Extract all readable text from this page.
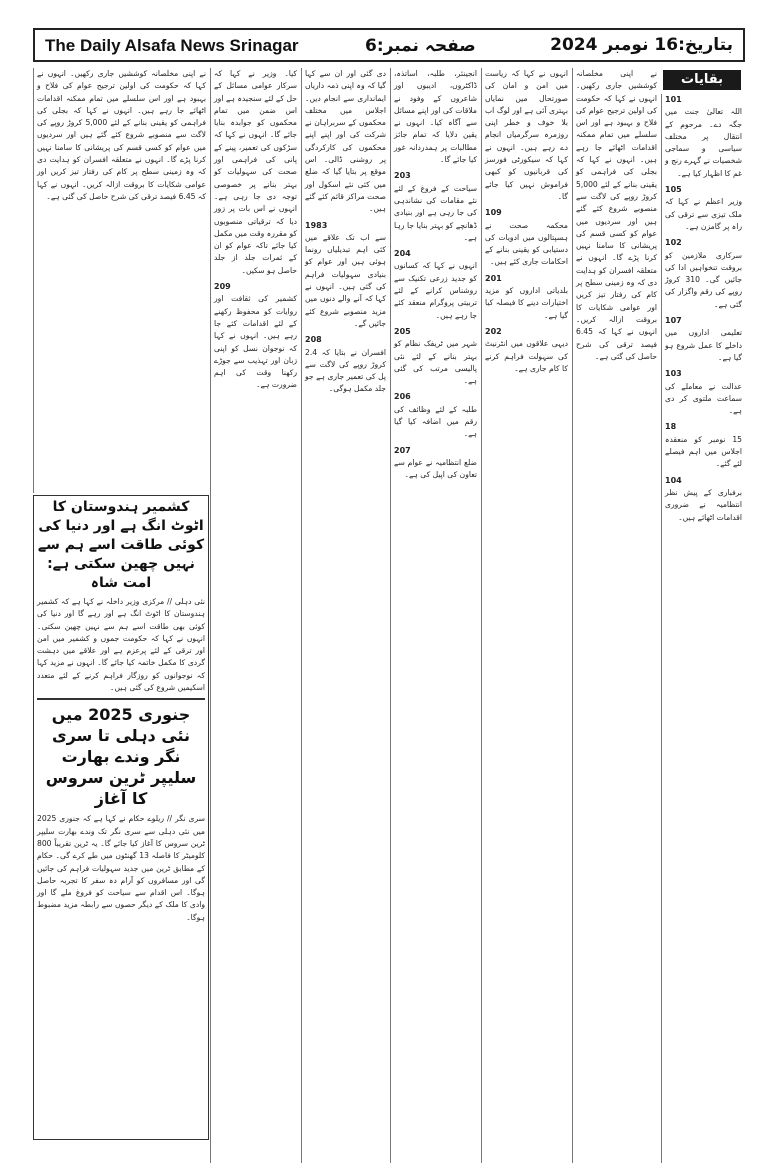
The Daily Alsafa News Srinagar	صفحہ نمبر:6	بتاریخ:16 نومبر 2024
نے اپنی مخلصانہ کوششیں جاری رکھیں۔ انہوں نے کہا کہ حکومت کی اولین ترجیح عوام کی فلاح و بہبود ہے اور اس سلسلے میں تمام ممکنہ اقدامات اٹھائے جا رہے ہیں۔ انہوں نے کہا کہ بجلی کی فراہمی کو یقینی بنانے کے لئے 5,000 کروڑ روپے کی لاگت سے منصوبے شروع کئے گئے ہیں اور سردیوں میں عوام کو کسی قسم کی پریشانی کا سامنا نہیں کرنا پڑے گا۔ انہوں نے متعلقہ افسران کو ہدایت دی کہ وہ زمینی سطح پر کام کی رفتار تیز کریں اور عوامی شکایات کا بروقت ازالہ کریں۔ انہوں نے کہا کہ 6.45 فیصد ترقی کی شرح حاصل کی گئی ہے۔
کشمیر ہندوستان کا اٹوٹ انگ ہے اور دنیا کی کوئی طاقت اسے ہم سے نہیں چھین سکتی ہے: امت شاہ
نئی دہلی // مرکزی وزیر داخلہ نے کہا ہے کہ کشمیر ہندوستان کا اٹوٹ انگ ہے اور رہے گا اور دنیا کی کوئی بھی طاقت اسے ہم سے نہیں چھین سکتی۔ انہوں نے کہا کہ حکومت جموں و کشمیر میں امن اور ترقی کے لئے پرعزم ہے اور علاقے میں دہشت گردی کا مکمل خاتمہ کیا جائے گا۔ انہوں نے مزید کہا کہ نوجوانوں کو روزگار فراہم کرنے کے لئے متعدد اسکیمیں شروع کی گئی ہیں۔
جنوری 2025 میں نئی دہلی تا سری نگر وندے بھارت سلیپر ٹرین سروس کا آغاز
سری نگر // ریلوے حکام نے کہا ہے کہ جنوری 2025 میں نئی دہلی سے سری نگر تک وندے بھارت سلیپر ٹرین سروس کا آغاز کیا جائے گا۔ یہ ٹرین تقریباً 800 کلومیٹر کا فاصلہ 13 گھنٹوں میں طے کرے گی۔ حکام کے مطابق ٹرین میں جدید سہولیات فراہم کی جائیں گی اور مسافروں کو آرام دہ سفر کا تجربہ حاصل ہوگا۔ اس اقدام سے سیاحت کو فروغ ملے گا اور وادی کا ملک کے دیگر حصوں سے رابطہ مزید مضبوط ہوگا۔
کیا۔ وزیر نے کہا کہ سرکار عوامی مسائل کے حل کے لئے سنجیدہ ہے اور اس ضمن میں تمام محکموں کو جوابدہ بنایا جائے گا۔ انہوں نے کہا کہ سڑکوں کی تعمیر، پینے کے پانی کی فراہمی اور صحت کی سہولیات کو بہتر بنانے پر خصوصی توجہ دی جا رہی ہے۔ انہوں نے اس بات پر زور دیا کہ ترقیاتی منصوبوں کو مقررہ وقت میں مکمل کیا جائے تاکہ عوام کو ان کے ثمرات جلد از جلد حاصل ہو سکیں۔
209
کشمیر کی ثقافت اور روایات کو محفوظ رکھنے کے لئے اقدامات کئے جا رہے ہیں۔ انہوں نے کہا کہ نوجوان نسل کو اپنی زبان اور تہذیب سے جوڑے رکھنا وقت کی اہم ضرورت ہے۔
دی گئی اور ان سے کہا گیا کہ وہ اپنی ذمہ داریاں ایمانداری سے انجام دیں۔ اجلاس میں مختلف محکموں کے سربراہان نے شرکت کی اور اپنے اپنے محکموں کی کارکردگی پر روشنی ڈالی۔ اس موقع پر بتایا گیا کہ ضلع میں کئی نئے اسکول اور صحت مراکز قائم کئے گئے ہیں۔
1983
سے اب تک علاقے میں کئی اہم تبدیلیاں رونما ہوئی ہیں اور عوام کو بنیادی سہولیات فراہم کی گئی ہیں۔ انہوں نے کہا کہ آنے والے دنوں میں مزید منصوبے شروع کئے جائیں گے۔
208
افسران نے بتایا کہ 2.4 کروڑ روپے کی لاگت سے پل کی تعمیر جاری ہے جو جلد مکمل ہوگی۔
انجینئر، طلبہ، اساتذہ، ڈاکٹروں، ادیبوں اور شاعروں کے وفود نے ملاقات کی اور اپنے مسائل سے آگاہ کیا۔ انہوں نے یقین دلایا کہ تمام جائز مطالبات پر ہمدردانہ غور کیا جائے گا۔
203
سیاحت کے فروغ کے لئے نئے مقامات کی نشاندہی کی جا رہی ہے اور بنیادی ڈھانچے کو بہتر بنایا جا رہا ہے۔
204
انہوں نے کہا کہ کسانوں کو جدید زرعی تکنیک سے روشناس کرانے کے لئے تربیتی پروگرام منعقد کئے جا رہے ہیں۔
205
شہر میں ٹریفک نظام کو بہتر بنانے کے لئے نئی پالیسی مرتب کی گئی ہے۔
206
طلبہ کے لئے وظائف کی رقم میں اضافہ کیا گیا ہے۔
207
ضلع انتظامیہ نے عوام سے تعاون کی اپیل کی ہے۔
انہوں نے کہا کہ ریاست میں امن و امان کی صورتحال میں نمایاں بہتری آئی ہے اور لوگ اب بلا خوف و خطر اپنی روزمرہ سرگرمیاں انجام دے رہے ہیں۔ انہوں نے کہا کہ سیکورٹی فورسز کی قربانیوں کو کبھی فراموش نہیں کیا جائے گا۔
109
محکمہ صحت نے ہسپتالوں میں ادویات کی دستیابی کو یقینی بنانے کے احکامات جاری کئے ہیں۔
201
بلدیاتی اداروں کو مزید اختیارات دینے کا فیصلہ کیا گیا ہے۔
202
دیہی علاقوں میں انٹرنیٹ کی سہولت فراہم کرنے کا کام جاری ہے۔
نے اپنی مخلصانہ کوششیں جاری رکھیں۔ انہوں نے کہا کہ حکومت کی اولین ترجیح عوام کی فلاح و بہبود ہے اور اس سلسلے میں تمام ممکنہ اقدامات اٹھائے جا رہے ہیں۔ انہوں نے کہا کہ بجلی کی فراہمی کو یقینی بنانے کے لئے 5,000 کروڑ روپے کی لاگت سے منصوبے شروع کئے گئے ہیں اور سردیوں میں عوام کو کسی قسم کی پریشانی کا سامنا نہیں کرنا پڑے گا۔ انہوں نے متعلقہ افسران کو ہدایت دی کہ وہ زمینی سطح پر کام کی رفتار تیز کریں اور عوامی شکایات کا بروقت ازالہ کریں۔ انہوں نے کہا کہ 6.45 فیصد ترقی کی شرح حاصل کی گئی ہے۔
101
اللہ تعالیٰ جنت میں جگہ دے۔ مرحوم کے انتقال پر مختلف سیاسی و سماجی شخصیات نے گہرے رنج و غم کا اظہار کیا ہے۔
105
وزیر اعظم نے کہا کہ ملک تیزی سے ترقی کی راہ پر گامزن ہے۔
102
سرکاری ملازمین کو بروقت تنخواہیں ادا کی جائیں گی۔ 310 کروڑ روپے کی رقم واگزار کی گئی ہے۔
107
تعلیمی اداروں میں داخلے کا عمل شروع ہو گیا ہے۔
103
عدالت نے معاملے کی سماعت ملتوی کر دی ہے۔
18
15 نومبر کو منعقدہ اجلاس میں اہم فیصلے لئے گئے۔
104
برفباری کے پیش نظر انتظامیہ نے ضروری اقدامات اٹھائے ہیں۔
بقایات
